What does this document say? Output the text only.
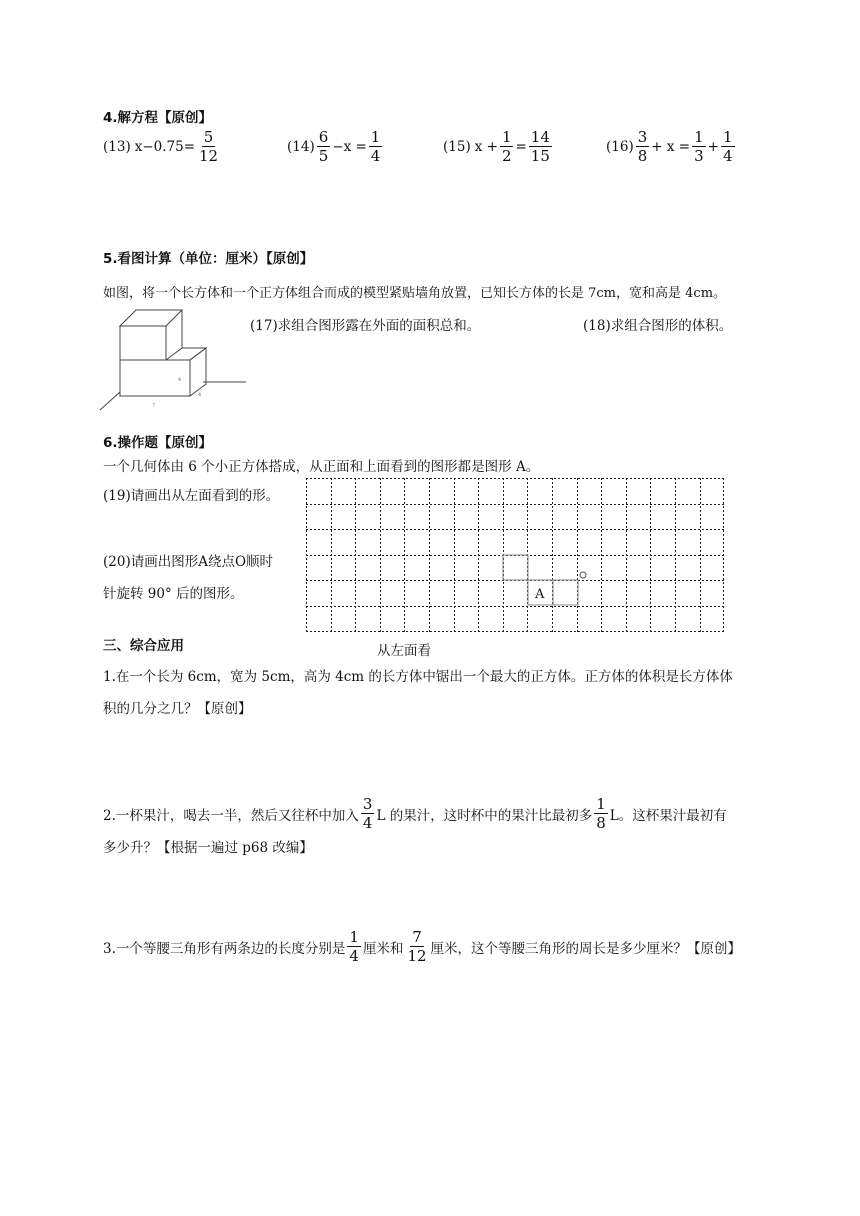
4.解方程【原创】
(13) $x-0.75= \frac{5}{12}$	$(14) \frac{6}{5} -x = \frac{1}{4}$	(15) $x + \frac{1}{2} = \frac{14}{15}$	$(16) \frac{3}{8} + x = \frac{1}{3} + \frac{1}{4}$
5.看图计算（单位：厘米）【原创】
如图，将一个长方体和一个正方体组合而成的模型紧贴墙角放置，已知长方体的长是 7cm，宽和高是 4cm。
4
7
4
(17)求组合图形露在外面的面积总和。	(18)求组合图形的体积。
6.操作题【原创】
一个几何体由 6 个小正方体搭成，从正面和上面看到的图形都是图形 A。
(19)请画出从左面看到的形。
(20)请画出图形A绕点O顺时
针旋转 90° 后的图形。	A
从左面看
三、综合应用
1.在一个长为 6cm，宽为 5cm，高为 4cm 的长方体中锯出一个最大的正方体。正方体的体积是长方体体
积的几分之几？【原创】
2.一杯果汁，喝去一半，然后又往杯中加入 $\frac{3}{4}$ L 的果汁，这时杯中的果汁比最初多 $\frac{1}{8}$ L。这杯果汁最初有
多少升？【根据一遍过 p68 改编】
3.一个等腰三角形有两条边的长度分别是 $\frac{1}{4}$ 厘米和 $\frac{7}{12}$ 厘米，这个等腰三角形的周长是多少厘米？【原创】
